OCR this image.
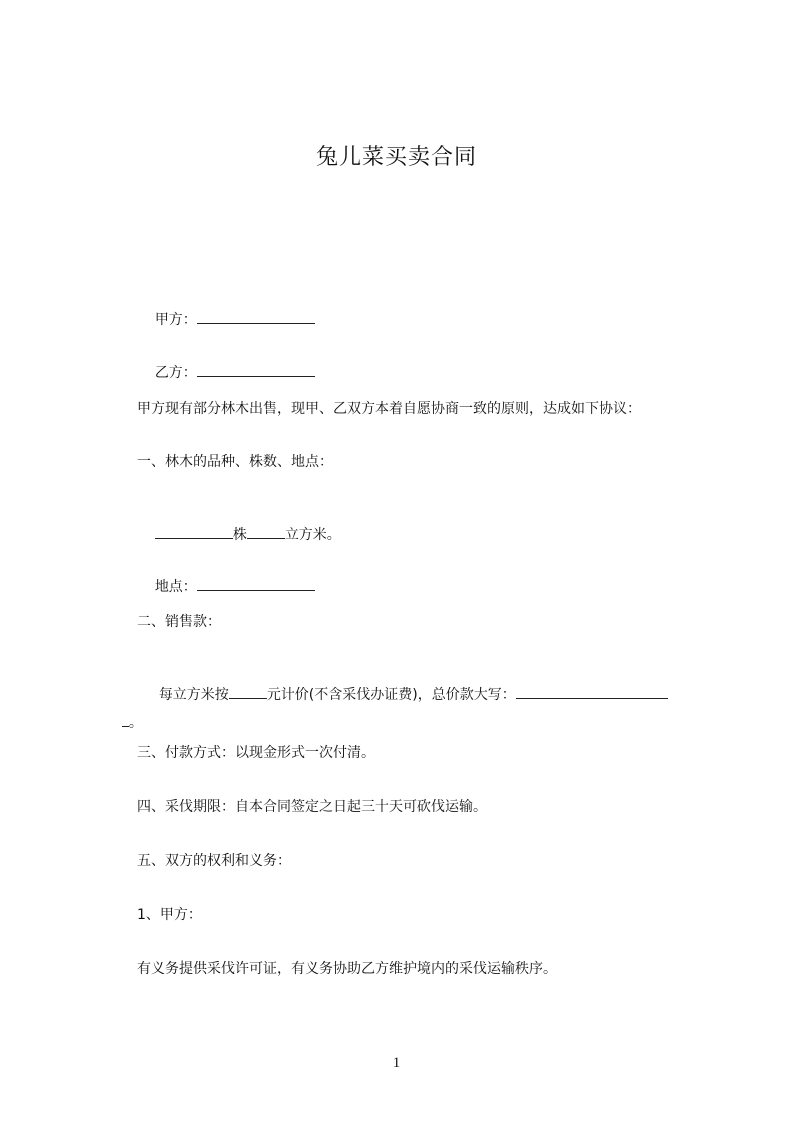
兔儿菜买卖合同

甲方：

乙方：

甲方现有部分林木出售，现甲、乙双方本着自愿协商一致的原则，达成如下协议：
一、林木的品种、株数、地点：

株	立方米。

地点：

二、销售款：

每立方米按	元计价(不含采伐办证费)，总价款大写：

。

三、付款方式：以现金形式一次付清。
四、采伐期限：自本合同签定之日起三十天可砍伐运输。
五、双方的权利和义务：
1、甲方：
有义务提供采伐许可证，有义务协助乙方维护境内的采伐运输秩序。
1
